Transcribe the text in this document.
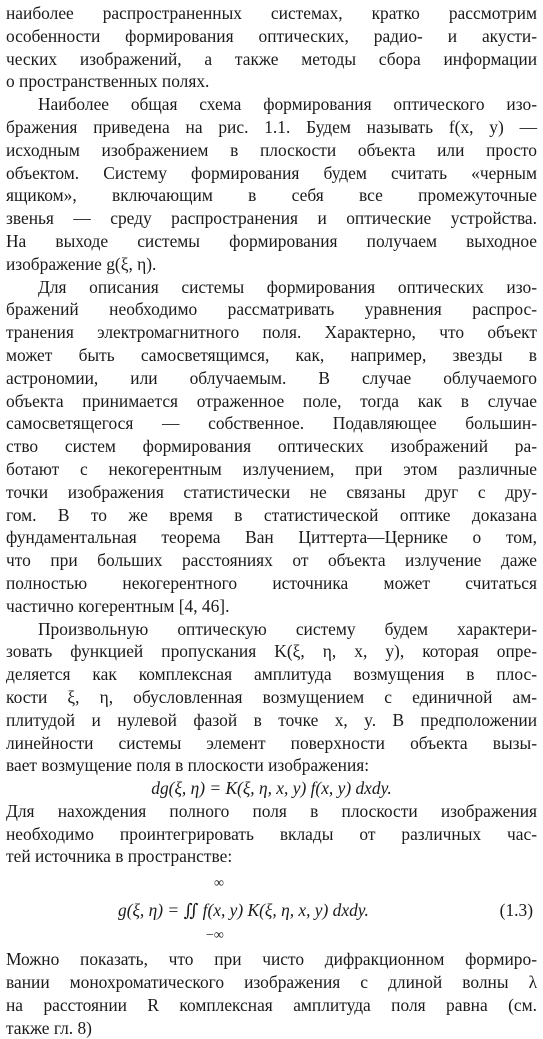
наиболее распространенных системах, кратко рассмотрим
особенности формирования оптических, радио- и акусти-
ческих изображений, а также методы сбора информации
о пространственных полях.
Наиболее общая схема формирования оптического изо-
бражения приведена на рис. 1.1. Будем называть f(x, y) —
исходным изображением в плоскости объекта или просто
объектом. Систему формирования будем считать «черным
ящиком», включающим в себя все промежуточные
звенья — среду распространения и оптические устройства.
На выходе системы формирования получаем выходное
изображение g(ξ, η).
Для описания системы формирования оптических изо-
бражений необходимо рассматривать уравнения распрос-
транения электромагнитного поля. Характерно, что объект
может быть самосветящимся, как, например, звезды в
астрономии, или облучаемым. В случае облучаемого
объекта принимается отраженное поле, тогда как в случае
самосветящегося — собственное. Подавляющее большин-
ство систем формирования оптических изображений ра-
ботают с некогерентным излучением, при этом различные
точки изображения статистически не связаны друг с дру-
гом. В то же время в статистической оптике доказана
фундаментальная теорема Ван Циттерта—Цернике о том,
что при больших расстояниях от объекта излучение даже
полностью некогерентного источника может считаться
частично когерентным [4, 46].
Произвольную оптическую систему будем характери-
зовать функцией пропускания K(ξ, η, x, y), которая опре-
деляется как комплексная амплитуда возмущения в плос-
кости ξ, η, обусловленная возмущением с единичной ам-
плитудой и нулевой фазой в точке x, y. В предположении
линейности системы элемент поверхности объекта вызы-
вает возмущение поля в плоскости изображения:
dg(ξ, η) = K(ξ, η, x, y) f(x, y) dxdy.
Для нахождения полного поля в плоскости изображения
необходимо проинтегрировать вклады от различных час-
тей источника в пространстве:
∞
g(ξ, η) = ∬ f(x, y) K(ξ, η, x, y) dxdy.
−∞
(1.3)
Можно показать, что при чисто дифракционном формиро-
вании монохроматического изображения с длиной волны λ
на расстоянии R комплексная амплитуда поля равна (см.
также гл. 8)
